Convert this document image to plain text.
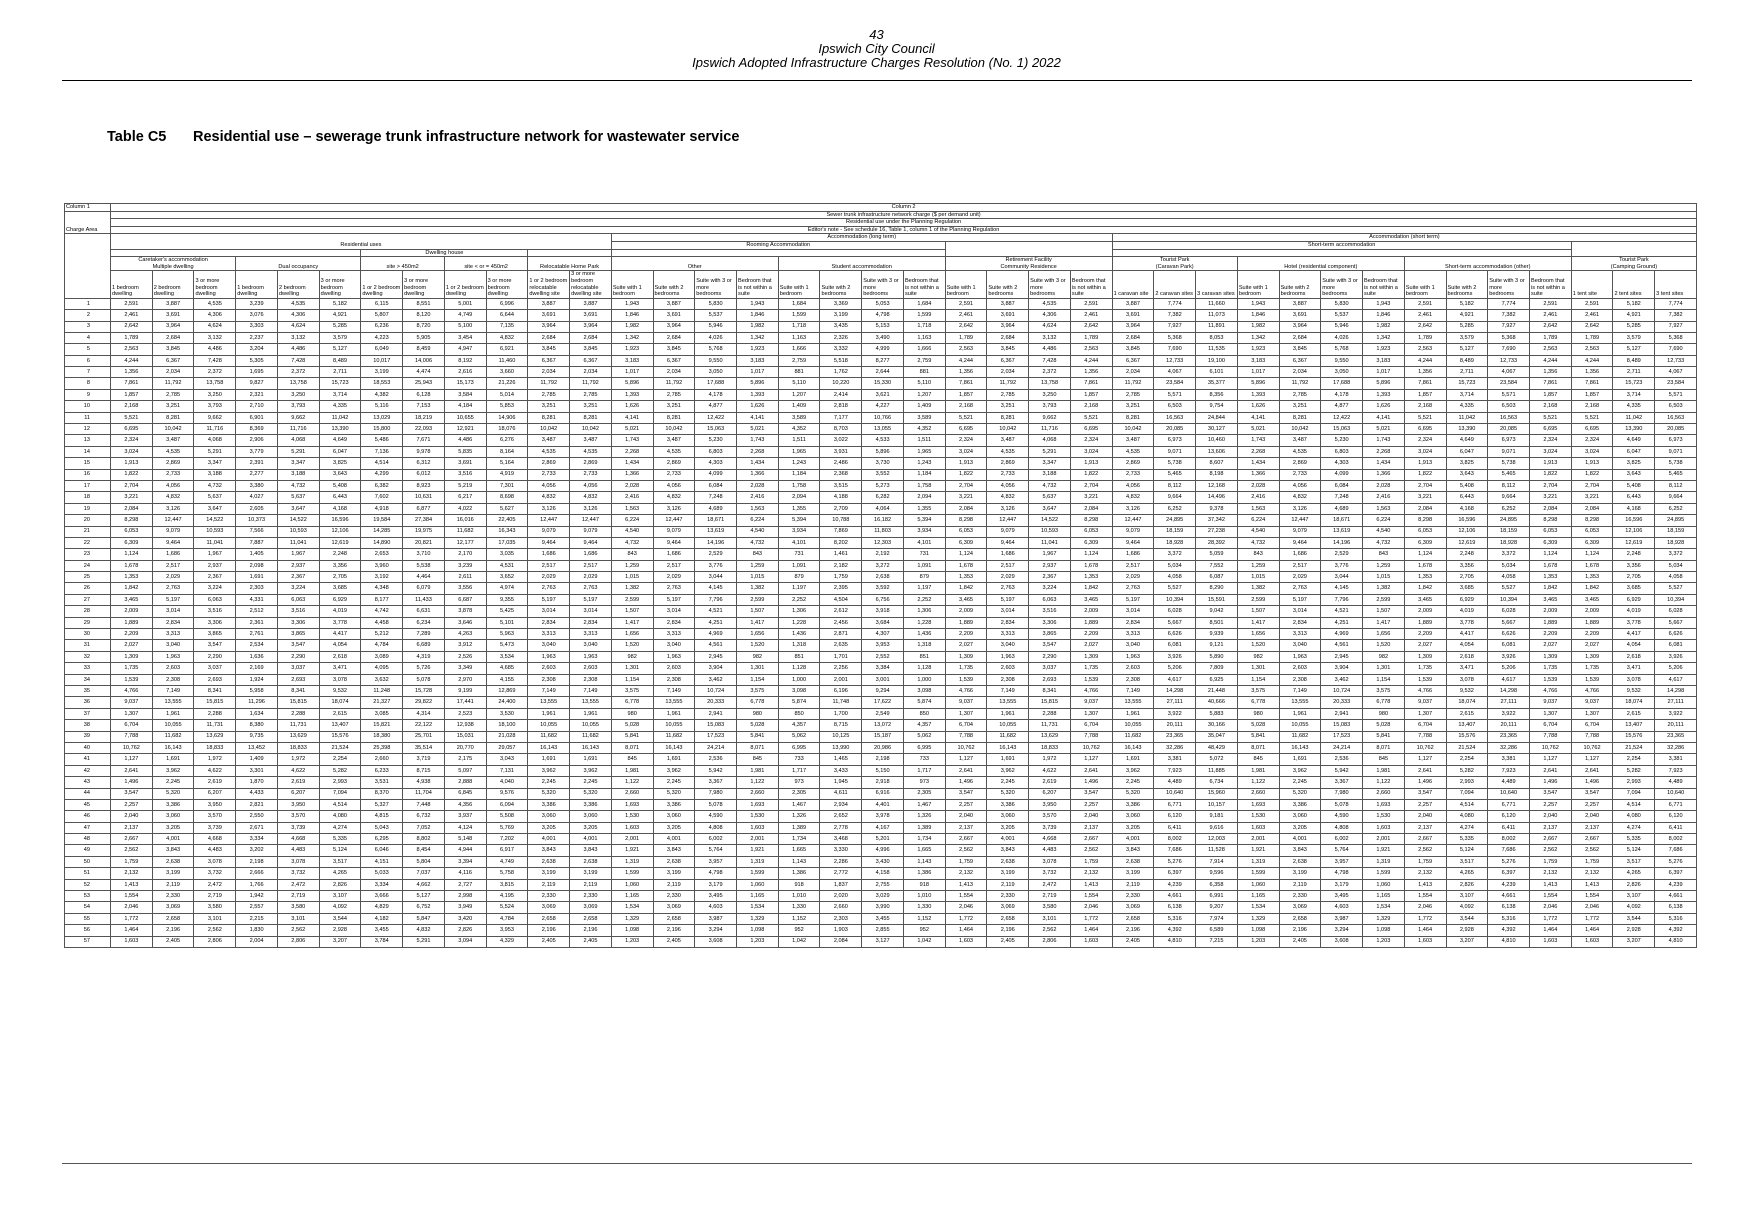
43
Ipswich City Council
Ipswich Adopted Infrastructure Charges Resolution (No. 1) 2022
Table C5 Residential use – sewerage trunk infrastructure network for wastewater service
Column 1	Column 2																																					
Charge Area	Sewer trunk infrastructure network charge ($ per demand unit)																																					
	Residential use under the Planning Regulation																																					
	Editor's note - See schedule 16, Table 1, column 1 of the Planning Regulation																																					
	Residential uses												Accommodation (long term)												Accommodation (short term)													
													Rooming Accommodation												Short-term accommodation													
							Dwelling house																															
	Caretaker's accommodation
Multiple dwelling			Dual occupancy			site > 450m2		site < or = 450m2		Relocatable Home Park		Other				Student accommodation				Retirement Facility
Community Residence				Tourist Park
(Caravan Park)			Hotel (residential component)				Short-term accommodation (other)				Tourist Park
(Camping Ground)		
	1 bedroom dwelling	2 bedroom dwelling	3 or more bedroom dwelling	1 bedroom dwelling	2 bedroom dwelling	3 or more bedroom dwelling	1 or 2 bedroom dwelling	3 or more bedroom dwelling	1 or 2 bedroom dwelling	3 or more bedroom dwelling	1 or 2 bedroom relocatable dwelling site	3 or more bedroom relocatable dwelling site	Suite with 1 bedroom	Suite with 2 bedrooms	Suite with 3 or more bedrooms	Bedroom that is not within a suite	Suite with 1 bedroom	Suite with 2 bedrooms	Suite with 3 or more bedrooms	Bedroom that is not within a suite	Suite with 1 bedroom	Suite with 2 bedrooms	Suite with 3 or more bedrooms	Bedroom that is not within a suite	1 caravan site	2 caravan sites	3 caravan sites	Suite with 1 bedroom	Suite with 2 bedrooms	Suite with 3 or more bedrooms	Bedroom that is not within a suite	Suite with 1 bedroom	Suite with 2 bedrooms	Suite with 3 or more bedrooms	Bedroom that is not within a suite	1 tent site	2 tent sites	3 tent sites
1	2,591	3,887	4,535	3,239	4,535	5,182	6,115	8,551	5,001	6,996	3,887	3,887	1,943	3,887	5,830	1,943	1,684	3,369	5,053	1,684	2,591	3,887	4,535	2,591	3,887	7,774	11,660	1,943	3,887	5,830	1,943	2,591	5,182	7,774	2,591	2,591	5,182	7,774
2	2,461	3,691	4,306	3,076	4,306	4,921	5,807	8,120	4,749	6,644	3,691	3,691	1,846	3,691	5,537	1,846	1,599	3,199	4,798	1,599	2,461	3,691	4,306	2,461	3,691	7,382	11,073	1,846	3,691	5,537	1,846	2,461	4,921	7,382	2,461	2,461	4,921	7,382
3	2,642	3,964	4,624	3,303	4,624	5,285	6,236	8,720	5,100	7,135	3,964	3,964	1,982	3,964	5,946	1,982	1,718	3,435	5,153	1,718	2,642	3,964	4,624	2,642	3,964	7,927	11,891	1,982	3,964	5,946	1,982	2,642	5,285	7,927	2,642	2,642	5,285	7,927
4	1,789	2,684	3,132	2,237	3,132	3,579	4,223	5,905	3,454	4,832	2,684	2,684	1,342	2,684	4,026	1,342	1,163	2,326	3,490	1,163	1,789	2,684	3,132	1,789	2,684	5,368	8,053	1,342	2,684	4,026	1,342	1,789	3,579	5,368	1,789	1,789	3,579	5,368
5	2,563	3,845	4,486	3,204	4,486	5,127	6,049	8,459	4,947	6,921	3,845	3,845	1,923	3,845	5,768	1,923	1,666	3,332	4,999	1,666	2,563	3,845	4,486	2,563	3,845	7,690	11,535	1,923	3,845	5,768	1,923	2,563	5,127	7,690	2,563	2,563	5,127	7,690
6	4,244	6,367	7,428	5,305	7,428	8,489	10,017	14,006	8,192	11,460	6,367	6,367	3,183	6,367	9,550	3,183	2,759	5,518	8,277	2,759	4,244	6,367	7,428	4,244	6,367	12,733	19,100	3,183	6,367	9,550	3,183	4,244	8,489	12,733	4,244	4,244	8,489	12,733
7	1,356	2,034	2,372	1,695	2,372	2,711	3,199	4,474	2,616	3,660	2,034	2,034	1,017	2,034	3,050	1,017	881	1,762	2,644	881	1,356	2,034	2,372	1,356	2,034	4,067	6,101	1,017	2,034	3,050	1,017	1,356	2,711	4,067	1,356	1,356	2,711	4,067
8	7,861	11,792	13,758	9,827	13,758	15,723	18,553	25,943	15,173	21,226	11,792	11,792	5,896	11,792	17,688	5,896	5,110	10,220	15,330	5,110	7,861	11,792	13,758	7,861	11,792	23,584	35,377	5,896	11,792	17,688	5,896	7,861	15,723	23,584	7,861	7,861	15,723	23,584
9	1,857	2,785	3,250	2,321	3,250	3,714	4,382	6,128	3,584	5,014	2,785	2,785	1,393	2,785	4,178	1,393	1,207	2,414	3,621	1,207	1,857	2,785	3,250	1,857	2,785	5,571	8,356	1,393	2,785	4,178	1,393	1,857	3,714	5,571	1,857	1,857	3,714	5,571
10	2,168	3,251	3,793	2,710	3,793	4,335	5,116	7,153	4,184	5,853	3,251	3,251	1,626	3,251	4,877	1,626	1,409	2,818	4,227	1,409	2,168	3,251	3,793	2,168	3,251	6,503	9,754	1,626	3,251	4,877	1,626	2,168	4,335	6,503	2,168	2,168	4,335	6,503
11	5,521	8,281	9,662	6,901	9,662	11,042	13,029	18,219	10,655	14,906	8,281	8,281	4,141	8,281	12,422	4,141	3,589	7,177	10,766	3,589	5,521	8,281	9,662	5,521	8,281	16,563	24,844	4,141	8,281	12,422	4,141	5,521	11,042	16,563	5,521	5,521	11,042	16,563
12	6,695	10,042	11,716	8,369	11,716	13,390	15,800	22,093	12,921	18,076	10,042	10,042	5,021	10,042	15,063	5,021	4,352	8,703	13,055	4,352	6,695	10,042	11,716	6,695	10,042	20,085	30,127	5,021	10,042	15,063	5,021	6,695	13,390	20,085	6,695	6,695	13,390	20,085
13	2,324	3,487	4,068	2,906	4,068	4,649	5,486	7,671	4,486	6,276	3,487	3,487	1,743	3,487	5,230	1,743	1,511	3,022	4,533	1,511	2,324	3,487	4,068	2,324	3,487	6,973	10,460	1,743	3,487	5,230	1,743	2,324	4,649	6,973	2,324	2,324	4,649	6,973
14	3,024	4,535	5,291	3,779	5,291	6,047	7,136	9,978	5,835	8,164	4,535	4,535	2,268	4,535	6,803	2,268	1,965	3,931	5,896	1,965	3,024	4,535	5,291	3,024	4,535	9,071	13,606	2,268	4,535	6,803	2,268	3,024	6,047	9,071	3,024	3,024	6,047	9,071
15	1,913	2,869	3,347	2,391	3,347	3,825	4,514	6,312	3,691	5,164	2,869	2,869	1,434	2,869	4,303	1,434	1,243	2,486	3,730	1,243	1,913	2,869	3,347	1,913	2,869	5,738	8,607	1,434	2,869	4,303	1,434	1,913	3,825	5,738	1,913	1,913	3,825	5,738
16	1,822	2,733	3,188	2,277	3,188	3,643	4,299	6,012	3,516	4,919	2,733	2,733	1,366	2,733	4,099	1,366	1,184	2,368	3,552	1,184	1,822	2,733	3,188	1,822	2,733	5,465	8,198	1,366	2,733	4,099	1,366	1,822	3,643	5,465	1,822	1,822	3,643	5,465
17	2,704	4,056	4,732	3,380	4,732	5,408	6,382	8,923	5,219	7,301	4,056	4,056	2,028	4,056	6,084	2,028	1,758	3,515	5,273	1,758	2,704	4,056	4,732	2,704	4,056	8,112	12,168	2,028	4,056	6,084	2,028	2,704	5,408	8,112	2,704	2,704	5,408	8,112
18	3,221	4,832	5,637	4,027	5,637	6,443	7,602	10,631	6,217	8,698	4,832	4,832	2,416	4,832	7,248	2,416	2,094	4,188	6,282	2,094	3,221	4,832	5,637	3,221	4,832	9,664	14,496	2,416	4,832	7,248	2,416	3,221	6,443	9,664	3,221	3,221	6,443	9,664
19	2,084	3,126	3,647	2,605	3,647	4,168	4,918	6,877	4,022	5,627	3,126	3,126	1,563	3,126	4,689	1,563	1,355	2,709	4,064	1,355	2,084	3,126	3,647	2,084	3,126	6,252	9,378	1,563	3,126	4,689	1,563	2,084	4,168	6,252	2,084	2,084	4,168	6,252
20	8,298	12,447	14,522	10,373	14,522	16,596	19,584	27,384	16,016	22,405	12,447	12,447	6,224	12,447	18,671	6,224	5,394	10,788	16,182	5,394	8,298	12,447	14,522	8,298	12,447	24,895	37,342	6,224	12,447	18,671	6,224	8,298	16,596	24,895	8,298	8,298	16,596	24,895
21	6,053	9,079	10,593	7,566	10,593	12,106	14,285	19,975	11,682	16,343	9,079	9,079	4,540	9,079	13,619	4,540	3,934	7,869	11,803	3,934	6,053	9,079	10,593	6,053	9,079	18,159	27,238	4,540	9,079	13,619	4,540	6,053	12,106	18,159	6,053	6,053	12,106	18,159
22	6,309	9,464	11,041	7,887	11,041	12,619	14,890	20,821	12,177	17,035	9,464	9,464	4,732	9,464	14,196	4,732	4,101	8,202	12,303	4,101	6,309	9,464	11,041	6,309	9,464	18,928	28,392	4,732	9,464	14,196	4,732	6,309	12,619	18,928	6,309	6,309	12,619	18,928
23	1,124	1,686	1,967	1,405	1,967	2,248	2,653	3,710	2,170	3,035	1,686	1,686	843	1,686	2,529	843	731	1,461	2,192	731	1,124	1,686	1,967	1,124	1,686	3,372	5,059	843	1,686	2,529	843	1,124	2,248	3,372	1,124	1,124	2,248	3,372
24	1,678	2,517	2,937	2,098	2,937	3,356	3,960	5,538	3,239	4,531	2,517	2,517	1,259	2,517	3,776	1,259	1,091	2,182	3,272	1,091	1,678	2,517	2,937	1,678	2,517	5,034	7,552	1,259	2,517	3,776	1,259	1,678	3,356	5,034	1,678	1,678	3,356	5,034
25	1,353	2,029	2,367	1,691	2,367	2,705	3,192	4,464	2,611	3,652	2,029	2,029	1,015	2,029	3,044	1,015	879	1,759	2,638	879	1,353	2,029	2,367	1,353	2,029	4,058	6,087	1,015	2,029	3,044	1,015	1,353	2,705	4,058	1,353	1,353	2,705	4,058
26	1,842	2,763	3,224	2,303	3,224	3,685	4,348	6,079	3,556	4,974	2,763	2,763	1,382	2,763	4,145	1,382	1,197	2,395	3,592	1,197	1,842	2,763	3,224	1,842	2,763	5,527	8,290	1,382	2,763	4,145	1,382	1,842	3,685	5,527	1,842	1,842	3,685	5,527
27	3,465	5,197	6,063	4,331	6,063	6,929	8,177	11,433	6,687	9,355	5,197	5,197	2,599	5,197	7,796	2,599	2,252	4,504	6,756	2,252	3,465	5,197	6,063	3,465	5,197	10,394	15,591	2,599	5,197	7,796	2,599	3,465	6,929	10,394	3,465	3,465	6,929	10,394
28	2,009	3,014	3,516	2,512	3,516	4,019	4,742	6,631	3,878	5,425	3,014	3,014	1,507	3,014	4,521	1,507	1,306	2,612	3,918	1,306	2,009	3,014	3,516	2,009	3,014	6,028	9,042	1,507	3,014	4,521	1,507	2,009	4,019	6,028	2,009	2,009	4,019	6,028
29	1,889	2,834	3,306	2,361	3,306	3,778	4,458	6,234	3,646	5,101	2,834	2,834	1,417	2,834	4,251	1,417	1,228	2,456	3,684	1,228	1,889	2,834	3,306	1,889	2,834	5,667	8,501	1,417	2,834	4,251	1,417	1,889	3,778	5,667	1,889	1,889	3,778	5,667
30	2,209	3,313	3,865	2,761	3,865	4,417	5,212	7,289	4,263	5,963	3,313	3,313	1,656	3,313	4,969	1,656	1,436	2,871	4,307	1,436	2,209	3,313	3,865	2,209	3,313	6,626	9,939	1,656	3,313	4,969	1,656	2,209	4,417	6,626	2,209	2,209	4,417	6,626
31	2,027	3,040	3,547	2,534	3,547	4,054	4,784	6,689	3,912	5,473	3,040	3,040	1,520	3,040	4,561	1,520	1,318	2,635	3,953	1,318	2,027	3,040	3,547	2,027	3,040	6,081	9,121	1,520	3,040	4,561	1,520	2,027	4,054	6,081	2,027	2,027	4,054	6,081
32	1,309	1,963	2,290	1,636	2,290	2,618	3,089	4,319	2,526	3,534	1,963	1,963	982	1,963	2,945	982	851	1,701	2,552	851	1,309	1,963	2,290	1,309	1,963	3,926	5,890	982	1,963	2,945	982	1,309	2,618	3,926	1,309	1,309	2,618	3,926
33	1,735	2,603	3,037	2,169	3,037	3,471	4,095	5,726	3,349	4,685	2,603	2,603	1,301	2,603	3,904	1,301	1,128	2,256	3,384	1,128	1,735	2,603	3,037	1,735	2,603	5,206	7,809	1,301	2,603	3,904	1,301	1,735	3,471	5,206	1,735	1,735	3,471	5,206
34	1,539	2,308	2,693	1,924	2,693	3,078	3,632	5,078	2,970	4,155	2,308	2,308	1,154	2,308	3,462	1,154	1,000	2,001	3,001	1,000	1,539	2,308	2,693	1,539	2,308	4,617	6,925	1,154	2,308	3,462	1,154	1,539	3,078	4,617	1,539	1,539	3,078	4,617
35	4,766	7,149	8,341	5,958	8,341	9,532	11,248	15,728	9,199	12,869	7,149	7,149	3,575	7,149	10,724	3,575	3,098	6,196	9,294	3,098	4,766	7,149	8,341	4,766	7,149	14,298	21,448	3,575	7,149	10,724	3,575	4,766	9,532	14,298	4,766	4,766	9,532	14,298
36	9,037	13,555	15,815	11,296	15,815	18,074	21,327	29,822	17,441	24,400	13,555	13,555	6,778	13,555	20,333	6,778	5,874	11,748	17,622	5,874	9,037	13,555	15,815	9,037	13,555	27,111	40,666	6,778	13,555	20,333	6,778	9,037	18,074	27,111	9,037	9,037	18,074	27,111
37	1,307	1,961	2,288	1,634	2,288	2,615	3,085	4,314	2,523	3,530	1,961	1,961	980	1,961	2,941	980	850	1,700	2,549	850	1,307	1,961	2,288	1,307	1,961	3,922	5,883	980	1,961	2,941	980	1,307	2,615	3,922	1,307	1,307	2,615	3,922
38	6,704	10,055	11,731	8,380	11,731	13,407	15,821	22,122	12,938	18,100	10,055	10,055	5,028	10,055	15,083	5,028	4,357	8,715	13,072	4,357	6,704	10,055	11,731	6,704	10,055	20,111	30,166	5,028	10,055	15,083	5,028	6,704	13,407	20,111	6,704	6,704	13,407	20,111
39	7,788	11,682	13,629	9,735	13,629	15,576	18,380	25,701	15,031	21,028	11,682	11,682	5,841	11,682	17,523	5,841	5,062	10,125	15,187	5,062	7,788	11,682	13,629	7,788	11,682	23,365	35,047	5,841	11,682	17,523	5,841	7,788	15,576	23,365	7,788	7,788	15,576	23,365
40	10,762	16,143	18,833	13,452	18,833	21,524	25,398	35,514	20,770	29,057	16,143	16,143	8,071	16,143	24,214	8,071	6,995	13,990	20,986	6,995	10,762	16,143	18,833	10,762	16,143	32,286	48,429	8,071	16,143	24,214	8,071	10,762	21,524	32,286	10,762	10,762	21,524	32,286
41	1,127	1,691	1,972	1,409	1,972	2,254	2,660	3,719	2,175	3,043	1,691	1,691	845	1,691	2,536	845	733	1,465	2,198	733	1,127	1,691	1,972	1,127	1,691	3,381	5,072	845	1,691	2,536	845	1,127	2,254	3,381	1,127	1,127	2,254	3,381
42	2,641	3,962	4,622	3,301	4,622	5,282	6,233	8,715	5,097	7,131	3,962	3,962	1,981	3,962	5,942	1,981	1,717	3,433	5,150	1,717	2,641	3,962	4,622	2,641	3,962	7,923	11,885	1,981	3,962	5,942	1,981	2,641	5,282	7,923	2,641	2,641	5,282	7,923
43	1,496	2,245	2,619	1,870	2,619	2,993	3,531	4,938	2,888	4,040	2,245	2,245	1,122	2,245	3,367	1,122	973	1,945	2,918	973	1,496	2,245	2,619	1,496	2,245	4,489	6,734	1,122	2,245	3,367	1,122	1,496	2,993	4,489	1,496	1,496	2,993	4,489
44	3,547	5,320	6,207	4,433	6,207	7,094	8,370	11,704	6,845	9,576	5,320	5,320	2,660	5,320	7,980	2,660	2,305	4,611	6,916	2,305	3,547	5,320	6,207	3,547	5,320	10,640	15,960	2,660	5,320	7,980	2,660	3,547	7,094	10,640	3,547	3,547	7,094	10,640
45	2,257	3,386	3,950	2,821	3,950	4,514	5,327	7,448	4,356	6,094	3,386	3,386	1,693	3,386	5,078	1,693	1,467	2,934	4,401	1,467	2,257	3,386	3,950	2,257	3,386	6,771	10,157	1,693	3,386	5,078	1,693	2,257	4,514	6,771	2,257	2,257	4,514	6,771
46	2,040	3,060	3,570	2,550	3,570	4,080	4,815	6,732	3,937	5,508	3,060	3,060	1,530	3,060	4,590	1,530	1,326	2,652	3,978	1,326	2,040	3,060	3,570	2,040	3,060	6,120	9,181	1,530	3,060	4,590	1,530	2,040	4,080	6,120	2,040	2,040	4,080	6,120
47	2,137	3,205	3,739	2,671	3,739	4,274	5,043	7,052	4,124	5,769	3,205	3,205	1,603	3,205	4,808	1,603	1,389	2,778	4,167	1,389	2,137	3,205	3,739	2,137	3,205	6,411	9,616	1,603	3,205	4,808	1,603	2,137	4,274	6,411	2,137	2,137	4,274	6,411
48	2,667	4,001	4,668	3,334	4,668	5,335	6,295	8,802	5,148	7,202	4,001	4,001	2,001	4,001	6,002	2,001	1,734	3,468	5,201	1,734	2,667	4,001	4,668	2,667	4,001	8,002	12,003	2,001	4,001	6,002	2,001	2,667	5,335	8,002	2,667	2,667	5,335	8,002
49	2,562	3,843	4,483	3,202	4,483	5,124	6,046	8,454	4,944	6,917	3,843	3,843	1,921	3,843	5,764	1,921	1,665	3,330	4,996	1,665	2,562	3,843	4,483	2,562	3,843	7,686	11,528	1,921	3,843	5,764	1,921	2,562	5,124	7,686	2,562	2,562	5,124	7,686
50	1,759	2,638	3,078	2,198	3,078	3,517	4,151	5,804	3,394	4,749	2,638	2,638	1,319	2,638	3,957	1,319	1,143	2,286	3,430	1,143	1,759	2,638	3,078	1,759	2,638	5,276	7,914	1,319	2,638	3,957	1,319	1,759	3,517	5,276	1,759	1,759	3,517	5,276
51	2,132	3,199	3,732	2,666	3,732	4,265	5,033	7,037	4,116	5,758	3,199	3,199	1,599	3,199	4,798	1,599	1,386	2,772	4,158	1,386	2,132	3,199	3,732	2,132	3,199	6,397	9,596	1,599	3,199	4,798	1,599	2,132	4,265	6,397	2,132	2,132	4,265	6,397
52	1,413	2,119	2,472	1,766	2,472	2,826	3,334	4,662	2,727	3,815	2,119	2,119	1,060	2,119	3,179	1,060	918	1,837	2,755	918	1,413	2,119	2,472	1,413	2,119	4,239	6,358	1,060	2,119	3,179	1,060	1,413	2,826	4,239	1,413	1,413	2,826	4,239
53	1,554	2,330	2,719	1,942	2,719	3,107	3,666	5,127	2,998	4,195	2,330	2,330	1,165	2,330	3,495	1,165	1,010	2,020	3,029	1,010	1,554	2,330	2,719	1,554	2,330	4,661	6,991	1,165	2,330	3,495	1,165	1,554	3,107	4,661	1,554	1,554	3,107	4,661
54	2,046	3,069	3,580	2,557	3,580	4,092	4,829	6,752	3,949	5,524	3,069	3,069	1,534	3,069	4,603	1,534	1,330	2,660	3,990	1,330	2,046	3,069	3,580	2,046	3,069	6,138	9,207	1,534	3,069	4,603	1,534	2,046	4,092	6,138	2,046	2,046	4,092	6,138
55	1,772	2,658	3,101	2,215	3,101	3,544	4,182	5,847	3,420	4,784	2,658	2,658	1,329	2,658	3,987	1,329	1,152	2,303	3,455	1,152	1,772	2,658	3,101	1,772	2,658	5,316	7,974	1,329	2,658	3,987	1,329	1,772	3,544	5,316	1,772	1,772	3,544	5,316
56	1,464	2,196	2,562	1,830	2,562	2,928	3,455	4,832	2,826	3,953	2,196	2,196	1,098	2,196	3,294	1,098	952	1,903	2,855	952	1,464	2,196	2,562	1,464	2,196	4,392	6,589	1,098	2,196	3,294	1,098	1,464	2,928	4,392	1,464	1,464	2,928	4,392
57	1,603	2,405	2,806	2,004	2,806	3,207	3,784	5,291	3,094	4,329	2,405	2,405	1,203	2,405	3,608	1,203	1,042	2,084	3,127	1,042	1,603	2,405	2,806	1,603	2,405	4,810	7,215	1,203	2,405	3,608	1,203	1,603	3,207	4,810	1,603	1,603	3,207	4,810
